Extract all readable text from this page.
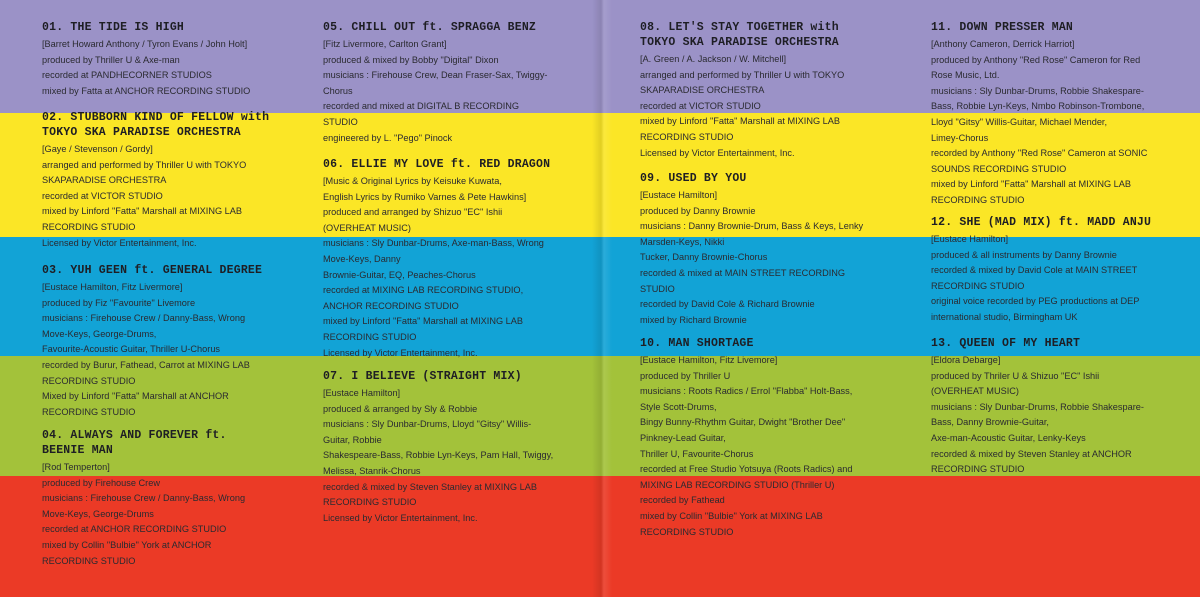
01. THE TIDE IS HIGH
[Barret Howard Anthony / Tyron Evans / John Holt]
produced by Thriller U & Axe-man
recorded at PANDHECORNER STUDIOS
mixed by Fatta at ANCHOR RECORDING STUDIO
02. STUBBORN KIND OF FELLOW with
TOKYO SKA PARADISE ORCHESTRA
[Gaye / Stevenson / Gordy]
arranged and performed by Thriller U with TOKYO
SKAPARADISE ORCHESTRA
recorded at VICTOR STUDIO
mixed by Linford "Fatta" Marshall at MIXING LAB
RECORDING STUDIO
Licensed by Victor Entertainment, Inc.
03. YUH GEEN ft. GENERAL DEGREE
[Eustace Hamilton, Fitz Livermore]
produced by Fiz "Favourite" Livemore
musicians : Firehouse Crew / Danny-Bass, Wrong
Move-Keys, George-Drums,
Favourite-Acoustic Guitar, Thriller U-Chorus
recorded by Burur, Fathead, Carrot at MIXING LAB
RECORDING STUDIO
Mixed by Linford "Fatta" Marshall at ANCHOR
RECORDING STUDIO
04. ALWAYS AND FOREVER ft.
BEENIE MAN
[Rod Temperton]
produced by Firehouse Crew
musicians : Firehouse Crew / Danny-Bass, Wrong
Move-Keys, George-Drums
recorded at ANCHOR RECORDING STUDIO
mixed by Collin "Bulbie" York at ANCHOR
RECORDING STUDIO
05. CHILL OUT ft. SPRAGGA BENZ
[Fitz Livermore, Carlton Grant]
produced & mixed by Bobby "Digital" Dixon
musicians : Firehouse Crew, Dean Fraser-Sax, Twiggy-
Chorus
recorded and mixed at DIGITAL B RECORDING
STUDIO
engineered by L. "Pego" Pinock
06. ELLIE MY LOVE ft. RED DRAGON
[Music & Original Lyrics by Keisuke Kuwata,
English Lyrics by Rumiko Varnes & Pete Hawkins]
produced and arranged by Shizuo "EC" Ishii
(OVERHEAT MUSIC)
musicians : Sly Dunbar-Drums, Axe-man-Bass, Wrong
Move-Keys, Danny
Brownie-Guitar, EQ, Peaches-Chorus
recorded at MIXING LAB RECORDING STUDIO,
ANCHOR RECORDING STUDIO
mixed by Linford "Fatta" Marshall at MIXING LAB
RECORDING STUDIO
Licensed by Victor Entertainment, Inc.
07. I BELIEVE (STRAIGHT MIX)
[Eustace Hamilton]
produced & arranged by Sly & Robbie
musicians : Sly Dunbar-Drums, Lloyd "Gitsy" Willis-
Guitar, Robbie
Shakespeare-Bass, Robbie Lyn-Keys, Pam Hall, Twiggy,
Melissa, Stanrik-Chorus
recorded & mixed by Steven Stanley at MIXING LAB
RECORDING STUDIO
Licensed by Victor Entertainment, Inc.
08. LET'S STAY TOGETHER with
TOKYO SKA PARADISE ORCHESTRA
[A. Green / A. Jackson / W. Mitchell]
arranged and performed by Thriller U with TOKYO
SKAPARADISE ORCHESTRA
recorded at VICTOR STUDIO
mixed by Linford "Fatta" Marshall at MIXING LAB
RECORDING STUDIO
Licensed by Victor Entertainment, Inc.
09. USED BY YOU
[Eustace Hamilton]
produced by Danny Brownie
musicians : Danny Brownie-Drum, Bass & Keys, Lenky
Marsden-Keys, Nikki
Tucker, Danny Brownie-Chorus
recorded & mixed at MAIN STREET RECORDING
STUDIO
recorded by David Cole & Richard Brownie
mixed by Richard Brownie
10. MAN SHORTAGE
[Eustace Hamilton, Fitz Livemore]
produced by Thriller U
musicians : Roots Radics / Errol "Flabba" Holt-Bass,
Style Scott-Drums,
Bingy Bunny-Rhythm Guitar, Dwight "Brother Dee"
Pinkney-Lead Guitar,
Thriller U, Favourite-Chorus
recorded at Free Studio Yotsuya (Roots Radics) and
MIXING LAB RECORDING STUDIO (Thriller U)
recorded by Fathead
mixed by Collin "Bulbie" York at MIXING LAB
RECORDING STUDIO
11. DOWN PRESSER MAN
[Anthony Cameron, Derrick Harriot]
produced by Anthony "Red Rose" Cameron for Red
Rose Music, Ltd.
musicians : Sly Dunbar-Drums, Robbie Shakespare-
Bass, Robbie Lyn-Keys, Nmbo Robinson-Trombone,
Lloyd "Gitsy" Willis-Guitar, Michael Mender,
Limey-Chorus
recorded by Anthony "Red Rose" Cameron at SONIC
SOUNDS RECORDING STUDIO
mixed by Linford "Fatta" Marshall at MIXING LAB
RECORDING STUDIO
12. SHE (MAD MIX) ft. MADD ANJU
[Eustace Hamilton]
produced & all instruments by Danny Brownie
recorded & mixed by David Cole at MAIN STREET
RECORDING STUDIO
original voice recorded by PEG productions at DEP
international studio, Birmingham UK
13. QUEEN OF MY HEART
[Eldora Debarge]
produced by Thriler U & Shizuo "EC" Ishii
(OVERHEAT MUSIC)
musicians : Sly Dunbar-Drums, Robbie Shakespare-
Bass, Danny Brownie-Guitar,
Axe-man-Acoustic Guitar, Lenky-Keys
recorded & mixed by Steven Stanley at ANCHOR
RECORDING STUDIO
